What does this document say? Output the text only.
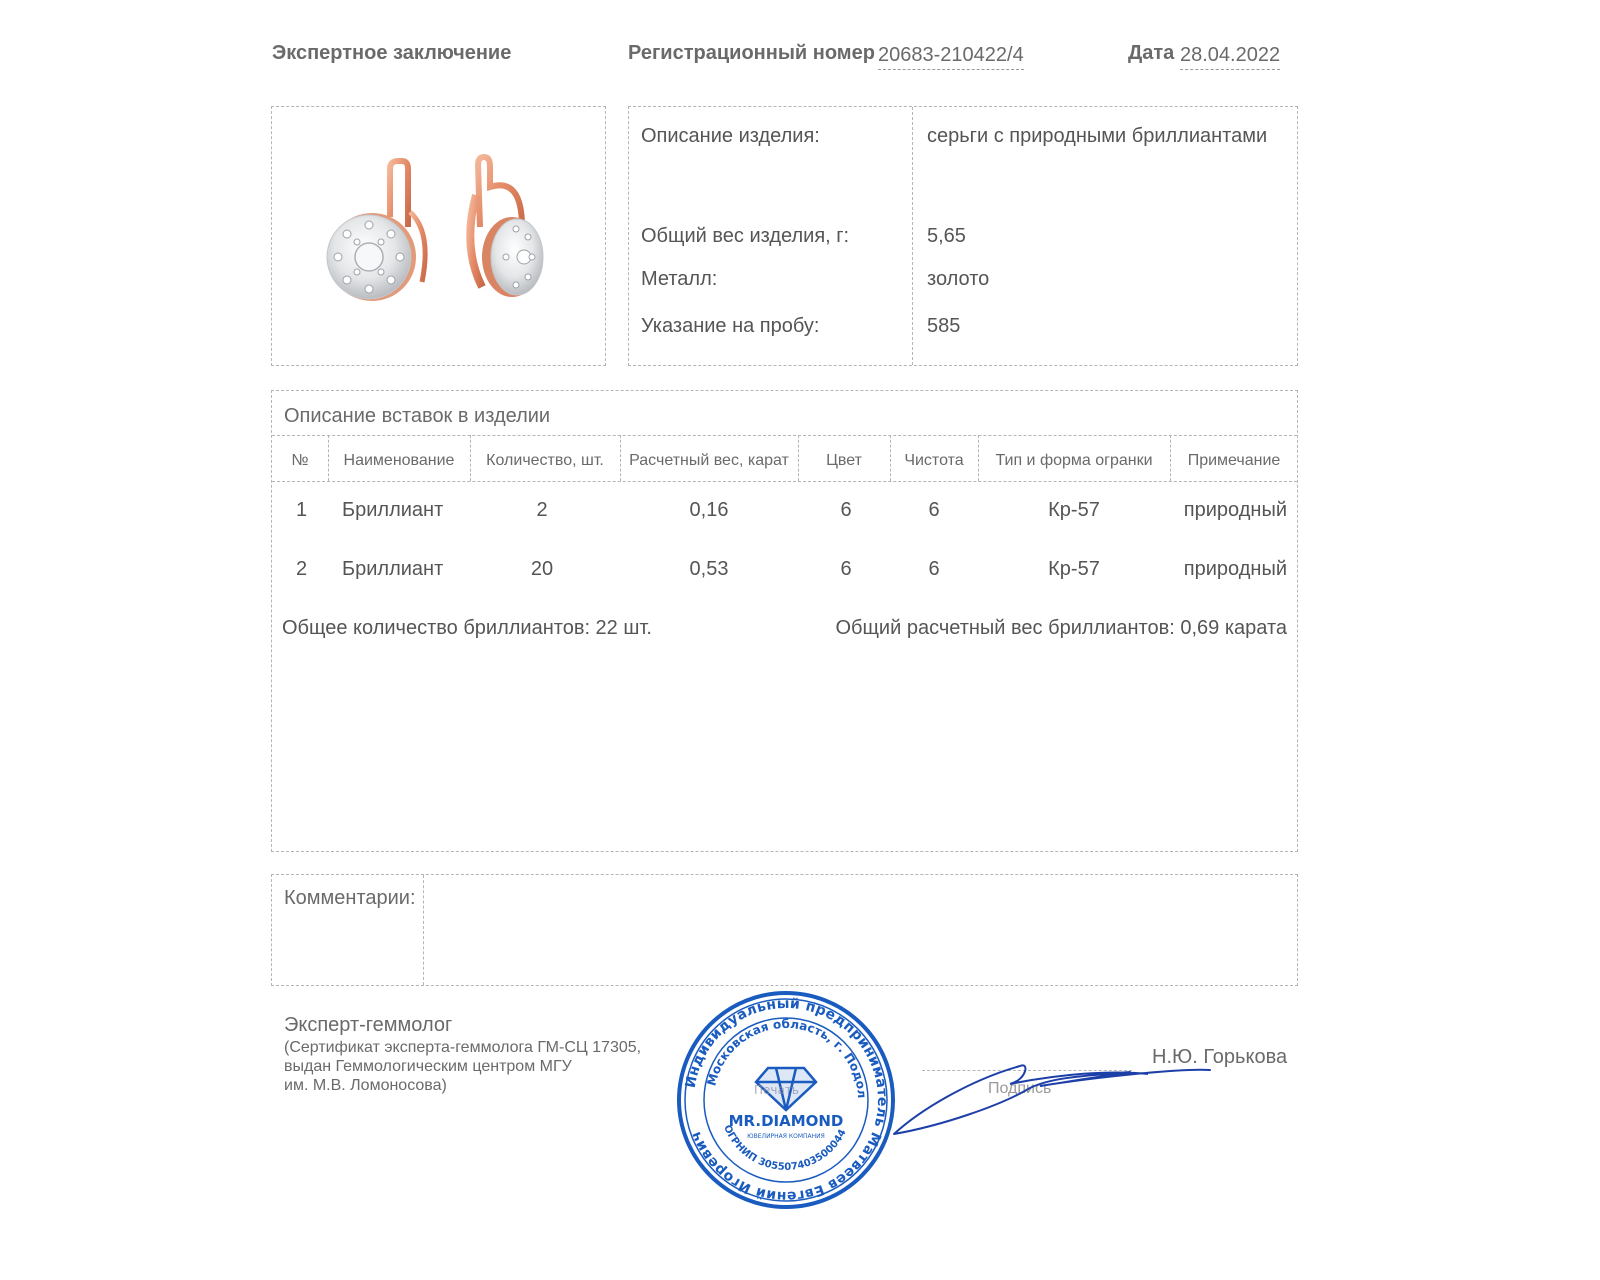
Экспертное заключение	Регистрационный номер 20683-210422/4	Дата 28.04.2022
Описание изделия:	серьги с природными бриллиантами
Общий вес изделия, г:	5,65
Металл:	золото
Указание на пробу:	585
Описание вставок в изделии
№	Наименование	Количество, шт.	Расчетный вес, карат	Цвет	Чистота	Тип и форма огранки	Примечание
1 Бриллиант	2	0,16	6	6	Кр-57	природный
2 Бриллиант	20	0,53	6	6	Кр-57	природный
Общее количество бриллиантов: 22 шт.	Общий расчетный вес бриллиантов: 0,69 карата
Комментарии:
Эксперт-геммолог
(Сертификат эксперта-геммолога ГМ-СЦ 17305,
выдан Геммологическим центром МГУ
им. М.В. Ломоносова)	Подпись
Н.Ю. Горькова
Индивидуальный предприниматель Матвеев Евгений Игоревич
Московская область, г. Подол
MR.DIAMOND
ЮВЕЛИРНАЯ КОМПАНИЯ
ОГРНИП 305507403500044
Печать
